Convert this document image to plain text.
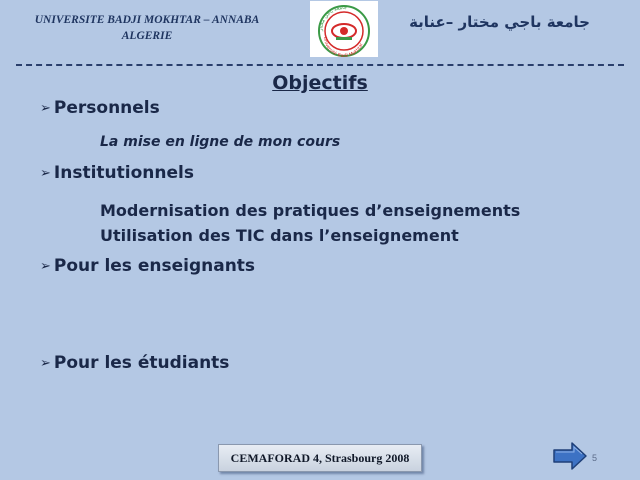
UNIVERSITE BADJI MOKHTAR – ANNABA
ALGERIE
جامعة باجي مختار
Université Badji Mokhtar
جامعة باجي مختار –عنابة
Objectifs
➢ Personnels
La mise en ligne de mon cours
➢ Institutionnels
Modernisation des pratiques d’enseignements
Utilisation des TIC dans l’enseignement
➢ Pour les enseignants
➢ Pour les étudiants
CEMAFORAD 4, Strasbourg 2008	5
